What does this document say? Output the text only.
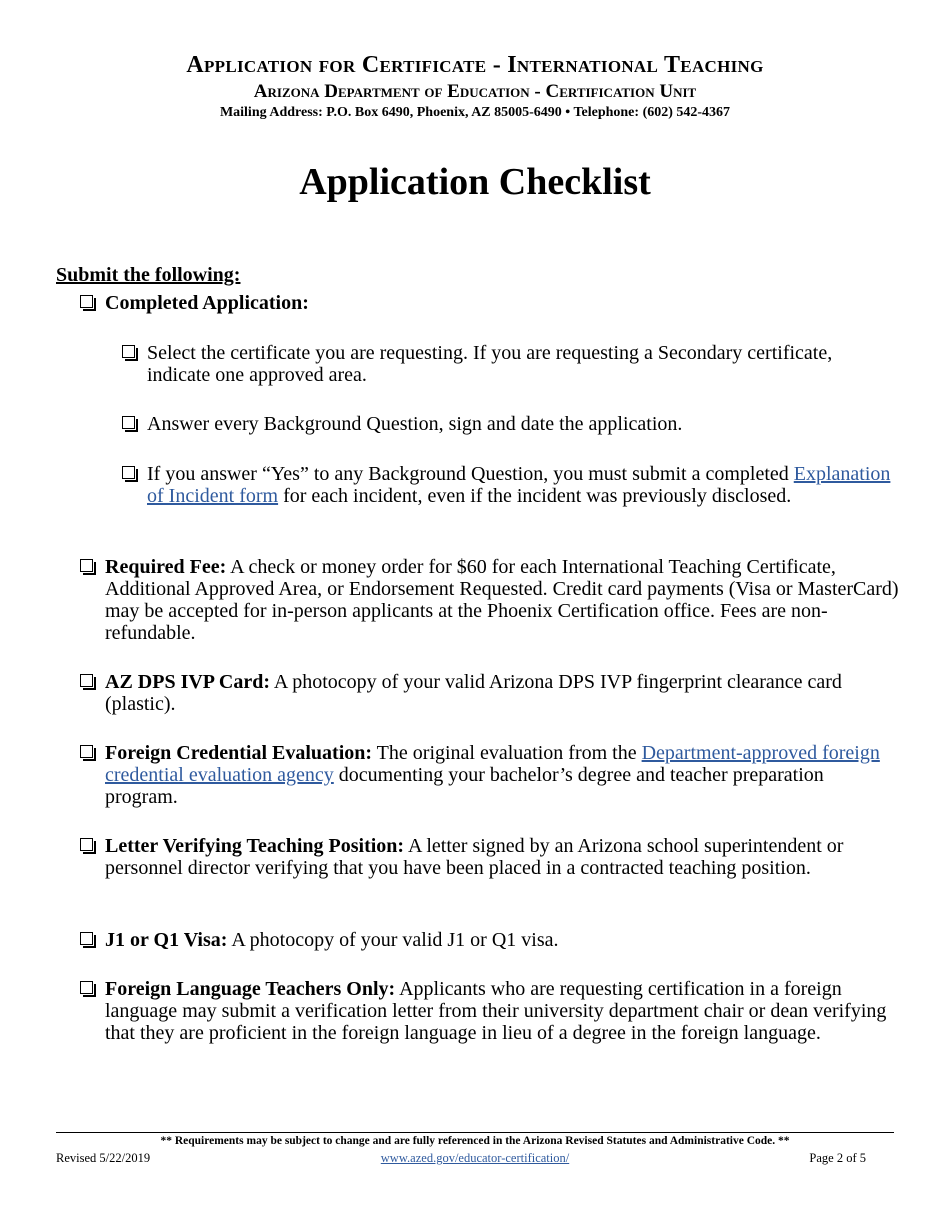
Application for Certificate - International Teaching
Arizona Department of Education - Certification Unit
Mailing Address: P.O. Box 6490, Phoenix, AZ 85005-6490 • Telephone: (602) 542-4367
Application Checklist
Submit the following:
Completed Application:
Select the certificate you are requesting. If you are requesting a Secondary certificate, indicate one approved area.
Answer every Background Question, sign and date the application.
If you answer “Yes” to any Background Question, you must submit a completed Explanation of Incident form for each incident, even if the incident was previously disclosed.
Required Fee: A check or money order for $60 for each International Teaching Certificate, Additional Approved Area, or Endorsement Requested. Credit card payments (Visa or MasterCard) may be accepted for in-person applicants at the Phoenix Certification office. Fees are non-refundable.
AZ DPS IVP Card: A photocopy of your valid Arizona DPS IVP fingerprint clearance card (plastic).
Foreign Credential Evaluation: The original evaluation from the Department-approved foreign credential evaluation agency documenting your bachelor’s degree and teacher preparation program.
Letter Verifying Teaching Position: A letter signed by an Arizona school superintendent or personnel director verifying that you have been placed in a contracted teaching position.
J1 or Q1 Visa: A photocopy of your valid J1 or Q1 visa.
Foreign Language Teachers Only: Applicants who are requesting certification in a foreign language may submit a verification letter from their university department chair or dean verifying that they are proficient in the foreign language in lieu of a degree in the foreign language.
** Requirements may be subject to change and are fully referenced in the Arizona Revised Statutes and Administrative Code. **
Revised 5/22/2019	www.azed.gov/educator-certification/	Page 2 of 5
